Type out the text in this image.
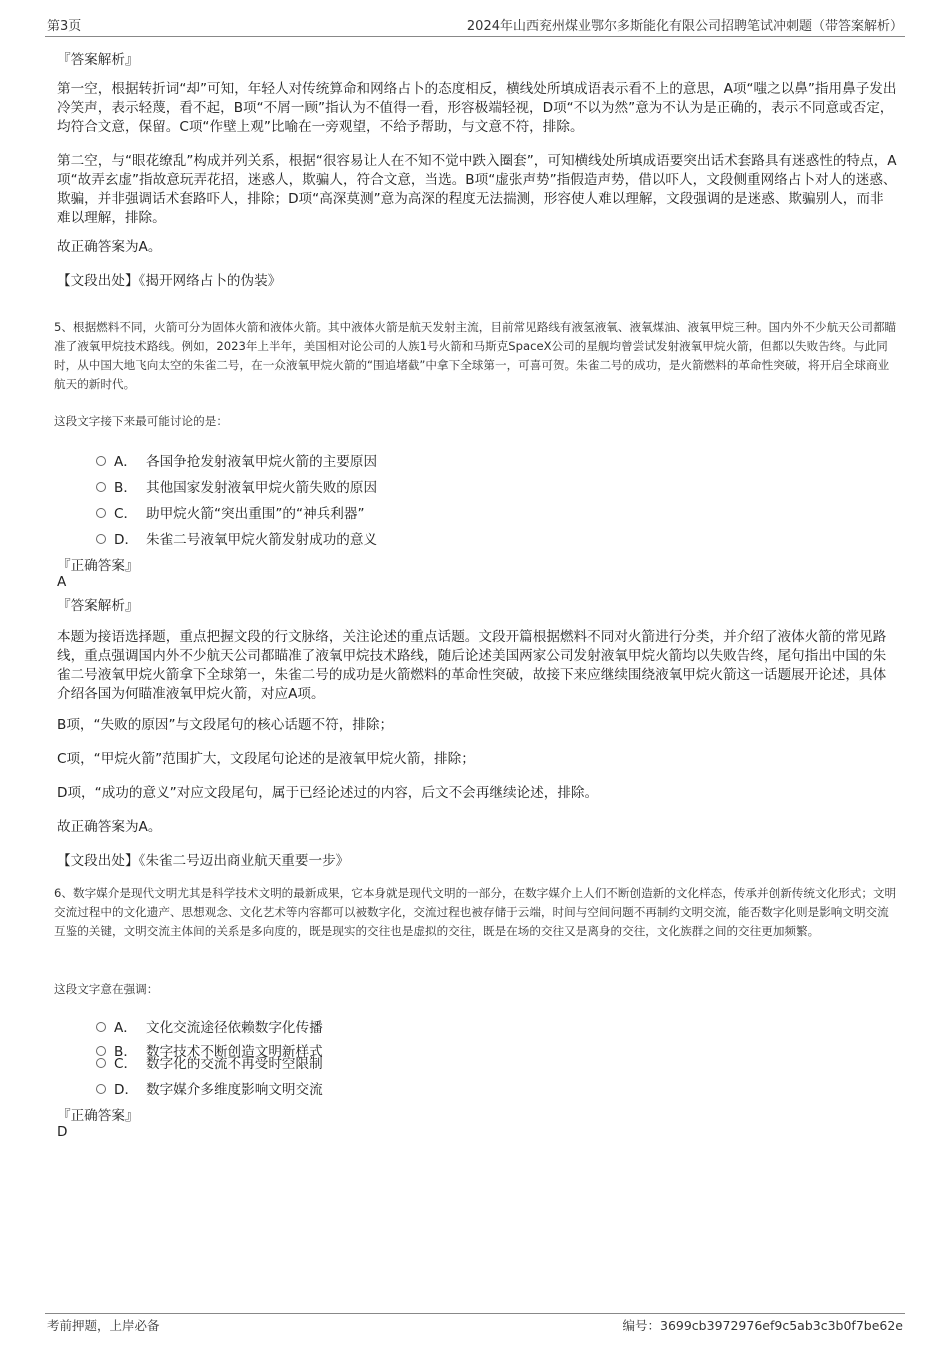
第3页	2024年山西兖州煤业鄂尔多斯能化有限公司招聘笔试冲刺题（带答案解析）
『答案解析』
第一空，根据转折词“却”可知，年轻人对传统算命和网络占卜的态度相反，横线处所填成语表示看不上的意思，A项“嗤之以鼻”指用鼻子发出冷笑声，表示轻蔑，看不起，B项“不屑一顾”指认为不值得一看，形容极端轻视，D项“不以为然”意为不认为是正确的，表示不同意或否定，均符合文意，保留。C项“作壁上观”比喻在一旁观望，不给予帮助，与文意不符，排除。
第二空，与“眼花缭乱”构成并列关系，根据“很容易让人在不知不觉中跌入圈套”，可知横线处所填成语要突出话术套路具有迷惑性的特点，A项“故弄玄虚”指故意玩弄花招，迷惑人，欺骗人，符合文意，当选。B项“虚张声势”指假造声势，借以吓人，文段侧重网络占卜对人的迷惑、欺骗，并非强调话术套路吓人，排除；D项“高深莫测”意为高深的程度无法揣测，形容使人难以理解，文段强调的是迷惑、欺骗别人，而非难以理解，排除。
故正确答案为A。
【文段出处】《揭开网络占卜的伪装》
5、根据燃料不同，火箭可分为固体火箭和液体火箭。其中液体火箭是航天发射主流，目前常见路线有液氢液氧、液氧煤油、液氧甲烷三种。国内外不少航天公司都瞄准了液氧甲烷技术路线。例如，2023年上半年，美国相对论公司的人族1号火箭和马斯克SpaceX公司的星舰均曾尝试发射液氧甲烷火箭，但都以失败告终。与此同时，从中国大地飞向太空的朱雀二号，在一众液氧甲烷火箭的“围追堵截”中拿下全球第一，可喜可贺。朱雀二号的成功，是火箭燃料的革命性突破，将开启全球商业航天的新时代。
这段文字接下来最可能讨论的是：
A． 各国争抢发射液氧甲烷火箭的主要原因
B． 其他国家发射液氧甲烷火箭失败的原因
C． 助甲烷火箭“突出重围”的“神兵利器”
D． 朱雀二号液氧甲烷火箭发射成功的意义
『正确答案』
A
『答案解析』
本题为接语选择题，重点把握文段的行文脉络，关注论述的重点话题。文段开篇根据燃料不同对火箭进行分类，并介绍了液体火箭的常见路线，重点强调国内外不少航天公司都瞄准了液氧甲烷技术路线，随后论述美国两家公司发射液氧甲烷火箭均以失败告终，尾句指出中国的朱雀二号液氧甲烷火箭拿下全球第一，朱雀二号的成功是火箭燃料的革命性突破，故接下来应继续围绕液氧甲烷火箭这一话题展开论述，具体介绍各国为何瞄准液氧甲烷火箭，对应A项。
B项，“失败的原因”与文段尾句的核心话题不符，排除；
C项，“甲烷火箭”范围扩大，文段尾句论述的是液氧甲烷火箭，排除；
D项，“成功的意义”对应文段尾句，属于已经论述过的内容，后文不会再继续论述，排除。
故正确答案为A。
【文段出处】《朱雀二号迈出商业航天重要一步》
6、数字媒介是现代文明尤其是科学技术文明的最新成果，它本身就是现代文明的一部分，在数字媒介上人们不断创造新的文化样态，传承并创新传统文化形式；文明交流过程中的文化遗产、思想观念、文化艺术等内容都可以被数字化，交流过程也被存储于云端，时间与空间问题不再制约文明交流，能否数字化则是影响文明交流互鉴的关键，文明交流主体间的关系是多向度的，既是现实的交往也是虚拟的交往，既是在场的交往又是离身的交往，文化族群之间的交往更加频繁。
这段文字意在强调：
A． 文化交流途径依赖数字化传播
B． 数字技术不断创造文明新样式
C． 数字化的交流不再受时空限制
D． 数字媒介多维度影响文明交流
『正确答案』
D
考前押题，上岸必备	编号：3699cb3972976ef9c5ab3c3b0f7be62e
